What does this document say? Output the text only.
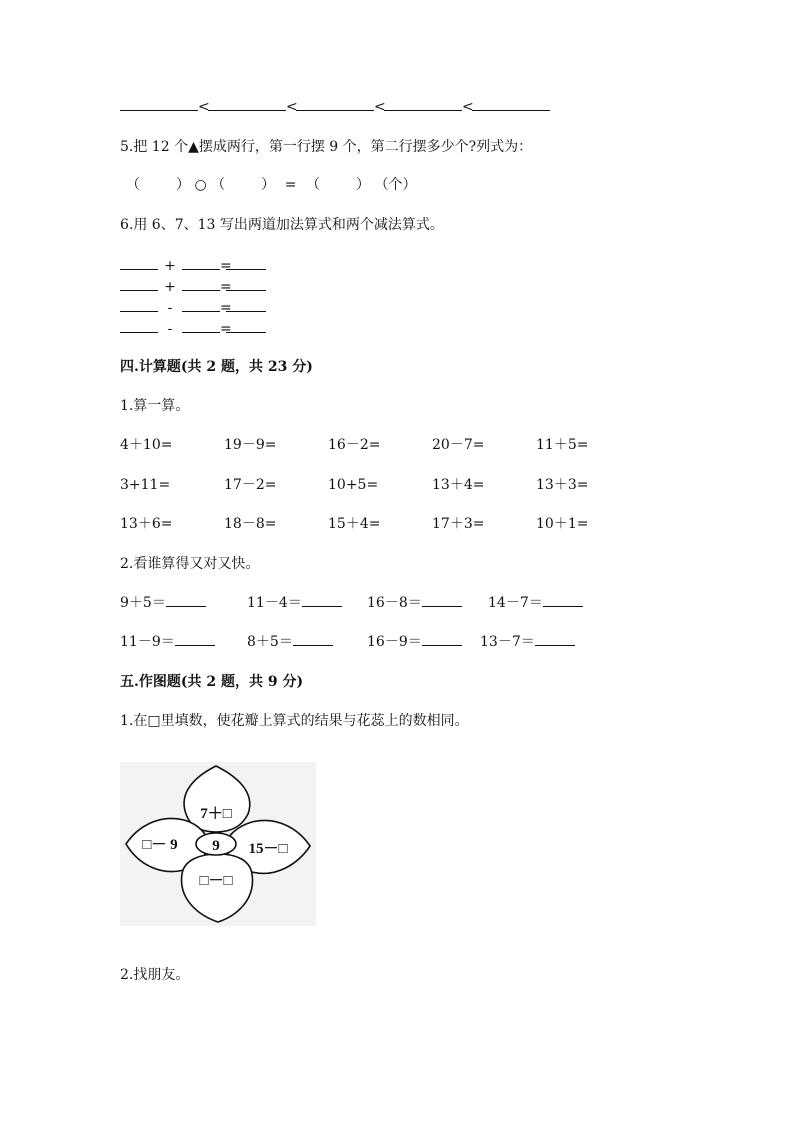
<	<	<	<
5.把 12 个▲摆成两行，第一行摆 9 个，第二行摆多少个?列式为：
（	） ○ （	） = （	） （个）
6.用 6、7、13 写出两道加法算式和两个减法算式。
+	=
+	=
-	=
-	=
四.计算题(共 2 题，共 23 分)
1.算一算。
4＋10=	19－9=	16－2=	20－7=	11＋5=
3+11=	17－2=	10+5=	13＋4=	13＋3=
13＋6=	18－8=	15＋4=	17＋3=	10＋1=
2.看谁算得又对又快。
9＋5＝	11－4＝	16－8＝	14－7＝
11－9＝	8＋5＝	16－9＝	13－7＝
五.作图题(共 2 题，共 9 分)
1.在□里填数，使花瓣上算式的结果与花蕊上的数相同。
9
7＋□
□－ 9	15－□
□－□
2.找朋友。
